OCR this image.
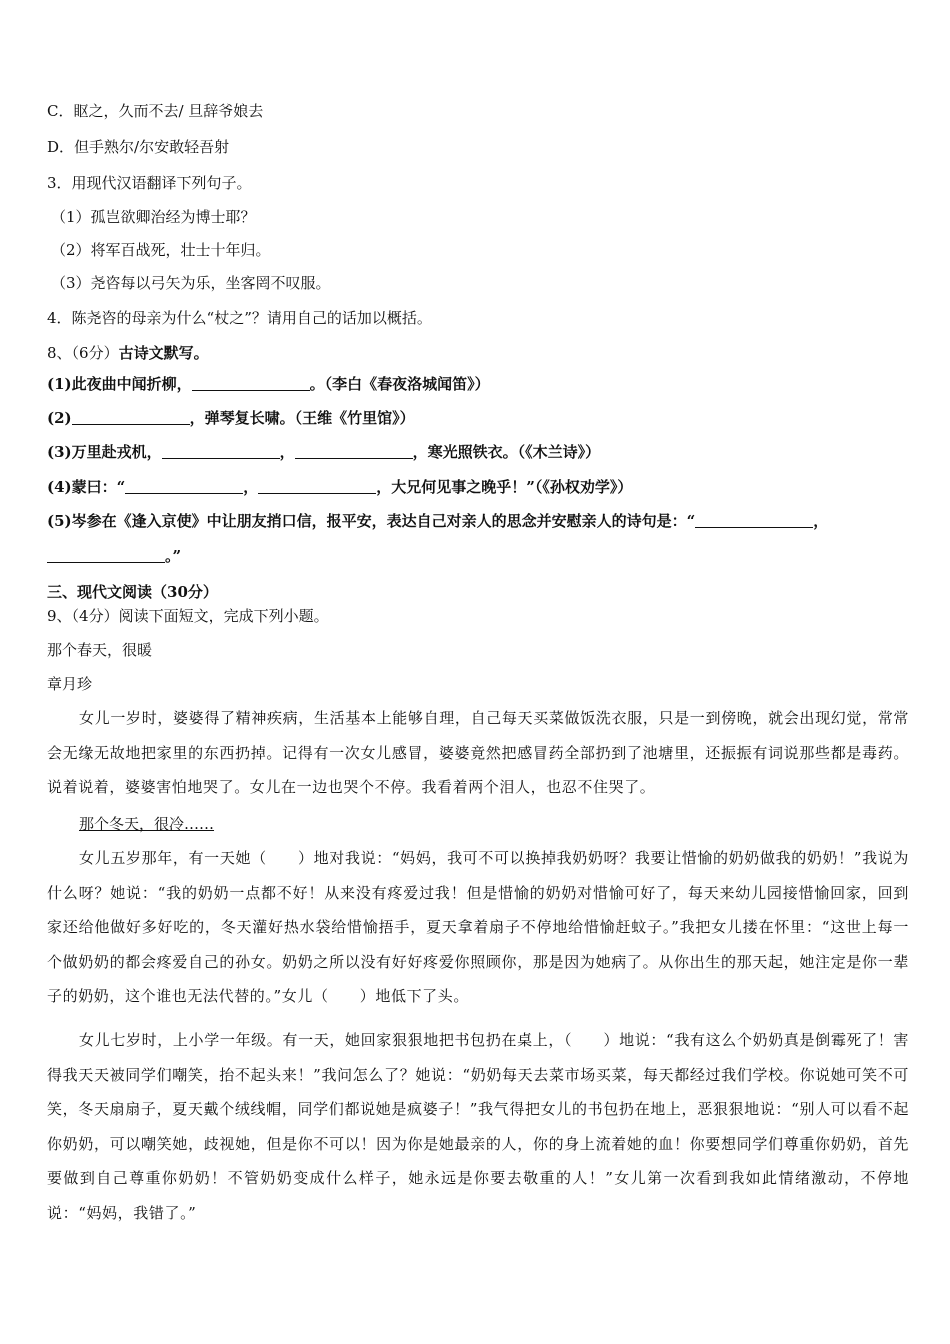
C．眍之，久而不去/ 旦辞爷娘去
D．但手熟尔/尔安敢轻吾射
3．用现代汉语翻译下列句子。
（1）孤岂欲卿治经为博士耶？
（2）将军百战死，壮士十年归。
（3）尧咨每以弓矢为乐，坐客罔不叹服。
4．陈尧咨的母亲为什么“杖之”？请用自己的话加以概括。
8、（6分）古诗文默写。
(1)此夜曲中闻折柳，	。（李白《春夜洛城闻笛》）
(2)	，弹琴复长啸。（王维《竹里馆》）
(3)万里赴戎机，	，	，寒光照铁衣。（《木兰诗》）
(4)蒙曰：“	，	，大兄何见事之晚乎！”（《孙权劝学》）
(5)岑参在《逢入京使》中让朋友捎口信，报平安，表达自己对亲人的思念并安慰亲人的诗句是：“	，
。”
三、现代文阅读（30分）
9、（4分）阅读下面短文，完成下列小题。
那个春天，很暖
章月珍
女儿一岁时，婆婆得了精神疾病，生活基本上能够自理，自己每天买菜做饭洗衣服，只是一到傍晚，就会出现幻觉，常常会无缘无故地把家里的东西扔掉。记得有一次女儿感冒，婆婆竟然把感冒药全部扔到了池塘里，还振振有词说那些都是毒药。说着说着，婆婆害怕地哭了。女儿在一边也哭个不停。我看着两个泪人，也忍不住哭了。
那个冬天，很冷……
女儿五岁那年，有一天她（　　）地对我说：“妈妈，我可不可以换掉我奶奶呀？我要让惜愉的奶奶做我的奶奶！”我说为什么呀？她说：“我的奶奶一点都不好！从来没有疼爱过我！但是惜愉的奶奶对惜愉可好了，每天来幼儿园接惜愉回家，回到家还给他做好多好吃的，冬天灌好热水袋给惜愉捂手，夏天拿着扇子不停地给惜愉赶蚊子。”我把女儿搂在怀里：“这世上每一个做奶奶的都会疼爱自己的孙女。奶奶之所以没有好好疼爱你照顾你，那是因为她病了。从你出生的那天起，她注定是你一辈子的奶奶，这个谁也无法代替的。”女儿（　　）地低下了头。
女儿七岁时，上小学一年级。有一天，她回家狠狠地把书包扔在桌上，（　　）地说：“我有这么个奶奶真是倒霉死了！害得我天天被同学们嘲笑，抬不起头来！”我问怎么了？她说：“奶奶每天去菜市场买菜，每天都经过我们学校。你说她可笑不可笑，冬天扇扇子，夏天戴个绒线帽，同学们都说她是疯婆子！”我气得把女儿的书包扔在地上，恶狠狠地说：“别人可以看不起你奶奶，可以嘲笑她，歧视她，但是你不可以！因为你是她最亲的人，你的身上流着她的血！你要想同学们尊重你奶奶，首先要做到自己尊重你奶奶！不管奶奶变成什么样子，她永远是你要去敬重的人！”女儿第一次看到我如此情绪激动，不停地说：“妈妈，我错了。”
